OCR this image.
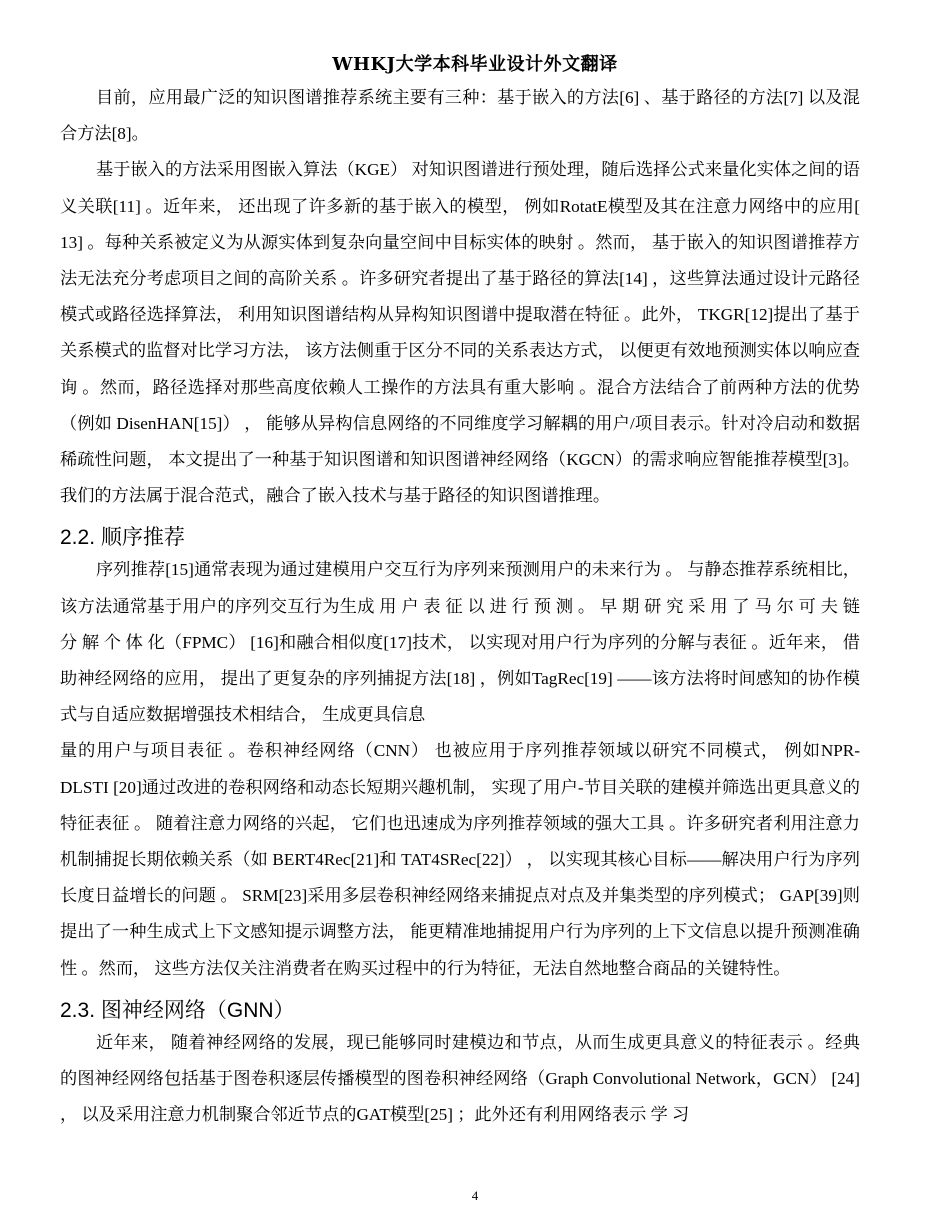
WHKJ大学本科毕业设计外文翻译

目前，应用最广泛的知识图谱推荐系统主要有三种：基于嵌入的方法[6] 、基于路径的方法[7] 以及混合方法[8]。

基于嵌入的方法采用图嵌入算法（KGE） 对知识图谱进行预处理，随后选择公式来量化实体之间的语义关联[11] 。近年来， 还出现了许多新的基于嵌入的模型， 例如RotatE模型及其在注意力网络中的应用[ 13] 。每种关系被定义为从源实体到复杂向量空间中目标实体的映射 。然而， 基于嵌入的知识图谱推荐方法无法充分考虑项目之间的高阶关系 。许多研究者提出了基于路径的算法[14] ，这些算法通过设计元路径模式或路径选择算法， 利用知识图谱结构从异构知识图谱中提取潜在特征 。此外， TKGR[12]提出了基于关系模式的监督对比学习方法， 该方法侧重于区分不同的关系表达方式， 以便更有效地预测实体以响应查询 。然而，路径选择对那些高度依赖人工操作的方法具有重大影响 。混合方法结合了前两种方法的优势（例如 DisenHAN[15]） ， 能够从异构信息网络的不同维度学习解耦的用户/项目表示。针对冷启动和数据稀疏性问题， 本文提出了一种基于知识图谱和知识图谱神经网络（KGCN）的需求响应智能推荐模型[3]。我们的方法属于混合范式，融合了嵌入技术与基于路径的知识图谱推理。

2.2. 顺序推荐

序列推荐[15]通常表现为通过建模用户交互行为序列来预测用户的未来行为 。 与静态推荐系统相比， 该方法通常基于用户的序列交互行为生成 用 户 表 征 以 进 行 预 测 。 早 期 研 究 采 用 了 马 尔 可 夫 链 分 解 个 体 化（FPMC） [16]和融合相似度[17]技术， 以实现对用户行为序列的分解与表征 。近年来， 借助神经网络的应用， 提出了更复杂的序列捕捉方法[18] ，例如TagRec[19] ——该方法将时间感知的协作模式与自适应数据增强技术相结合， 生成更具信息

量的用户与项目表征 。卷积神经网络（CNN） 也被应用于序列推荐领域以研究不同模式， 例如NPR- DLSTI [20]通过改进的卷积网络和动态长短期兴趣机制， 实现了用户-节目关联的建模并筛选出更具意义的特征表征 。 随着注意力网络的兴起， 它们也迅速成为序列推荐领域的强大工具 。许多研究者利用注意力机制捕捉长期依赖关系（如 BERT4Rec[21]和 TAT4SRec[22]） ， 以实现其核心目标——解决用户行为序列长度日益增长的问题 。 SRM[23]采用多层卷积神经网络来捕捉点对点及并集类型的序列模式； GAP[39]则提出了一种生成式上下文感知提示调整方法， 能更精准地捕捉用户行为序列的上下文信息以提升预测准确性 。然而， 这些方法仅关注消费者在购买过程中的行为特征，无法自然地整合商品的关键特性。

2.3. 图神经网络（GNN）

近年来， 随着神经网络的发展，现已能够同时建模边和节点，从而生成更具意义的特征表示 。经典的图神经网络包括基于图卷积逐层传播模型的图卷积神经网络（Graph Convolutional Network，GCN） [24] ， 以及采用注意力机制聚合邻近节点的GAT模型[25] ；此外还有利用网络表示 学 习

4
